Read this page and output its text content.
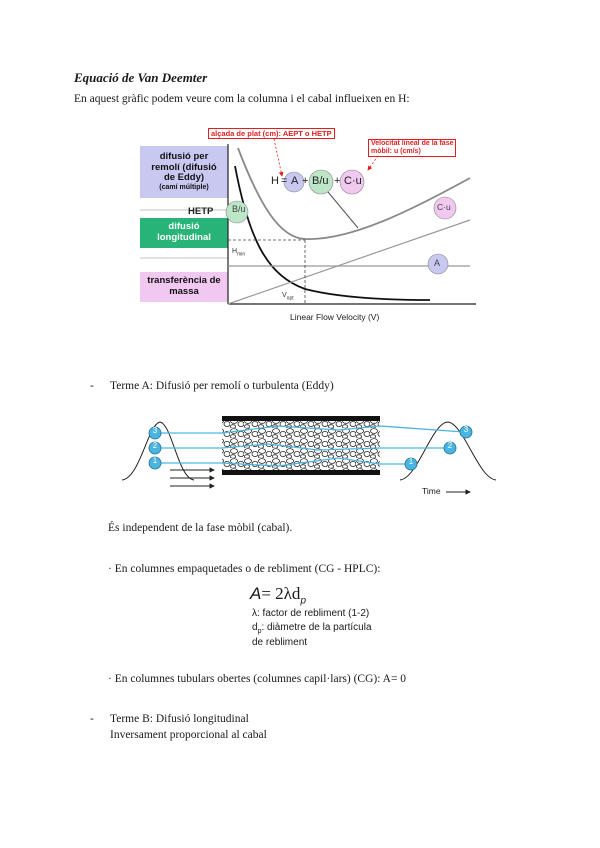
Equació de Van Deemter
En aquest gràfic podem veure com la columna i el cabal influeixen en H:
difusió per
remolí (difusió
de Eddy)
(camí múltiple)
difusió
longitudinal
transferència de
massa
alçada de plat (cm): AEPT o HETP
Velocitat lineal de la fase
mòbil: u (cm/s)
H = A + B/u + C·u
B/u
HETP	C·u
A
$H_{min}$
$V_{opt}$
Linear Flow Velocity (V)
- Terme A: Difusió per remolí o turbulenta (Eddy)
3
2
1
3
2
1
Time
És independent de la fase mòbil (cabal).
· En columnes empaquetades o de rebliment (CG - HPLC):
$A= 2\lambda d_p$
λ: factor de rebliment (1-2)
$d_p$: diàmetre de la partícula
de rebliment
· En columnes tubulars obertes (columnes capil·lars) (CG): A= 0
- Terme B: Difusió longitudinal
Inversament proporcional al cabal
